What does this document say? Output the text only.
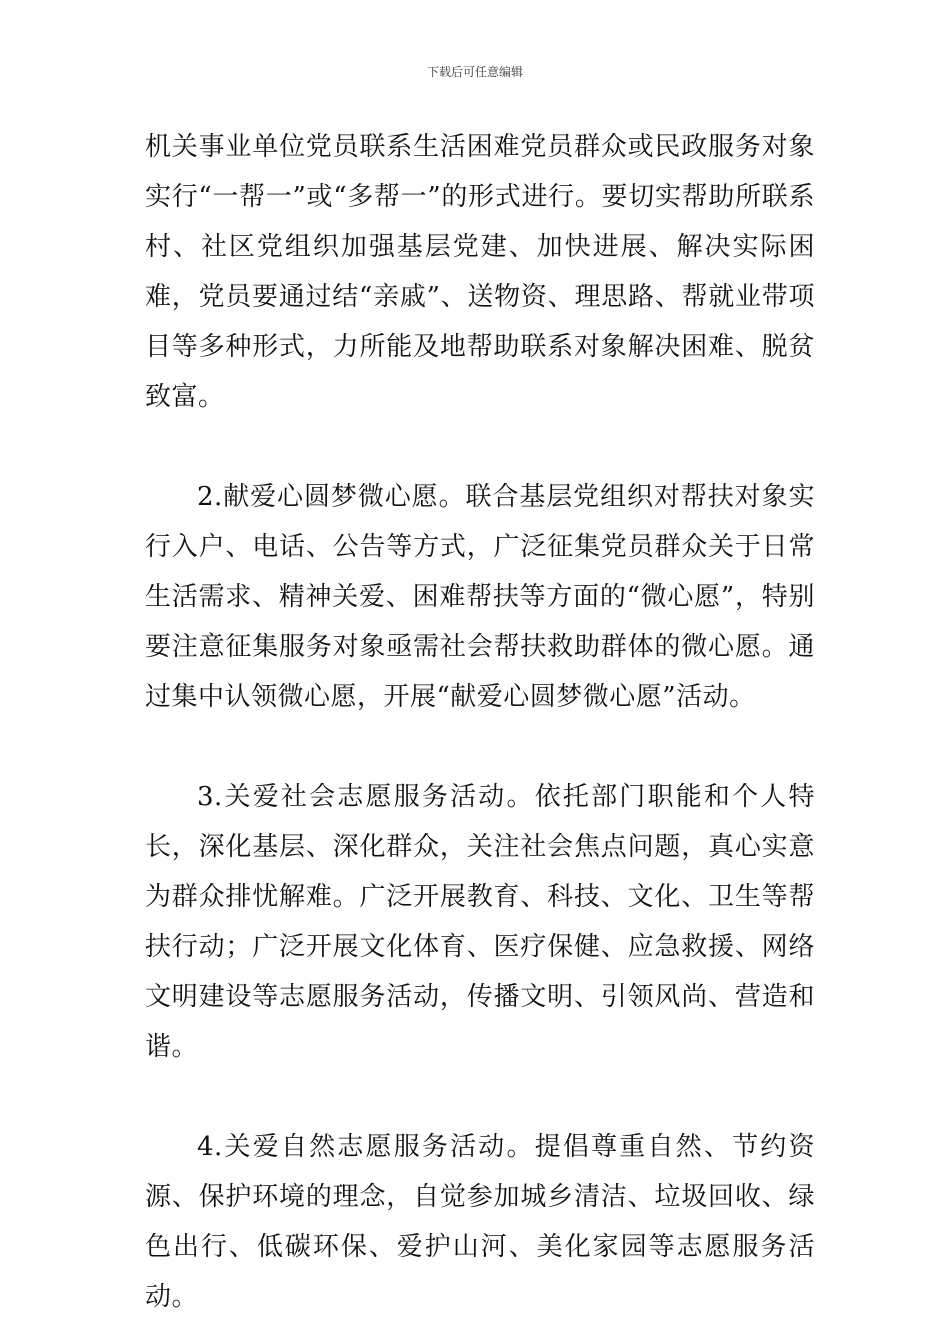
下载后可任意编辑

机关事业单位党员联系生活困难党员群众或民政服务对象实行“一帮一”或“多帮一”的形式进行。要切实帮助所联系村、社区党组织加强基层党建、加快进展、解决实际困难，党员要通过结“亲戚”、送物资、理思路、帮就业带项目等多种形式，力所能及地帮助联系对象解决困难、脱贫致富。

2.献爱心圆梦微心愿。联合基层党组织对帮扶对象实行入户、电话、公告等方式，广泛征集党员群众关于日常生活需求、精神关爱、困难帮扶等方面的“微心愿”，特别要注意征集服务对象亟需社会帮扶救助群体的微心愿。通过集中认领微心愿，开展“献爱心圆梦微心愿”活动。

3.关爱社会志愿服务活动。依托部门职能和个人特长，深化基层、深化群众，关注社会焦点问题，真心实意为群众排忧解难。广泛开展教育、科技、文化、卫生等帮扶行动；广泛开展文化体育、医疗保健、应急救援、网络文明建设等志愿服务活动，传播文明、引领风尚、营造和谐。

4.关爱自然志愿服务活动。提倡尊重自然、节约资源、保护环境的理念，自觉参加城乡清洁、垃圾回收、绿色出行、低碳环保、爱护山河、美化家园等志愿服务活动。
